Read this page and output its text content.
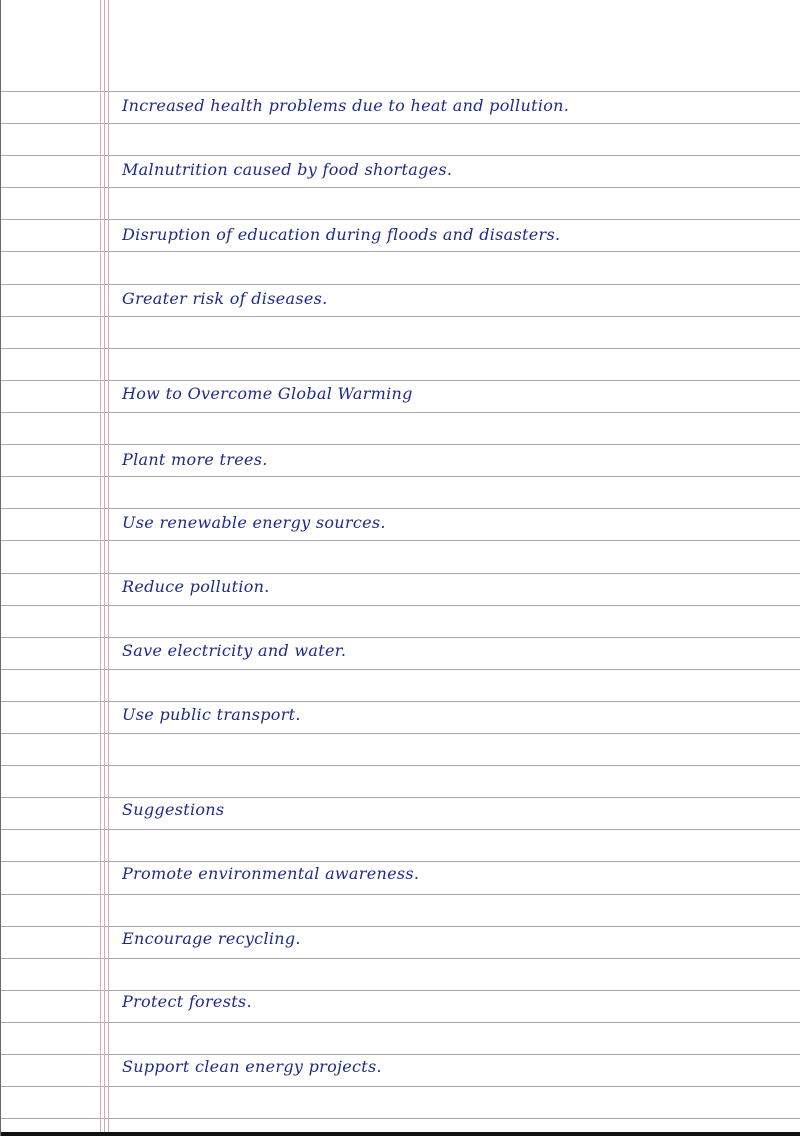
Increased health problems due to heat and pollution.
Malnutrition caused by food shortages.
Disruption of education during floods and disasters.
Greater risk of diseases.
How to Overcome Global Warming
Plant more trees.
Use renewable energy sources.
Reduce pollution.
Save electricity and water.
Use public transport.
Suggestions
Promote environmental awareness.
Encourage recycling.
Protect forests.
Support clean energy projects.
